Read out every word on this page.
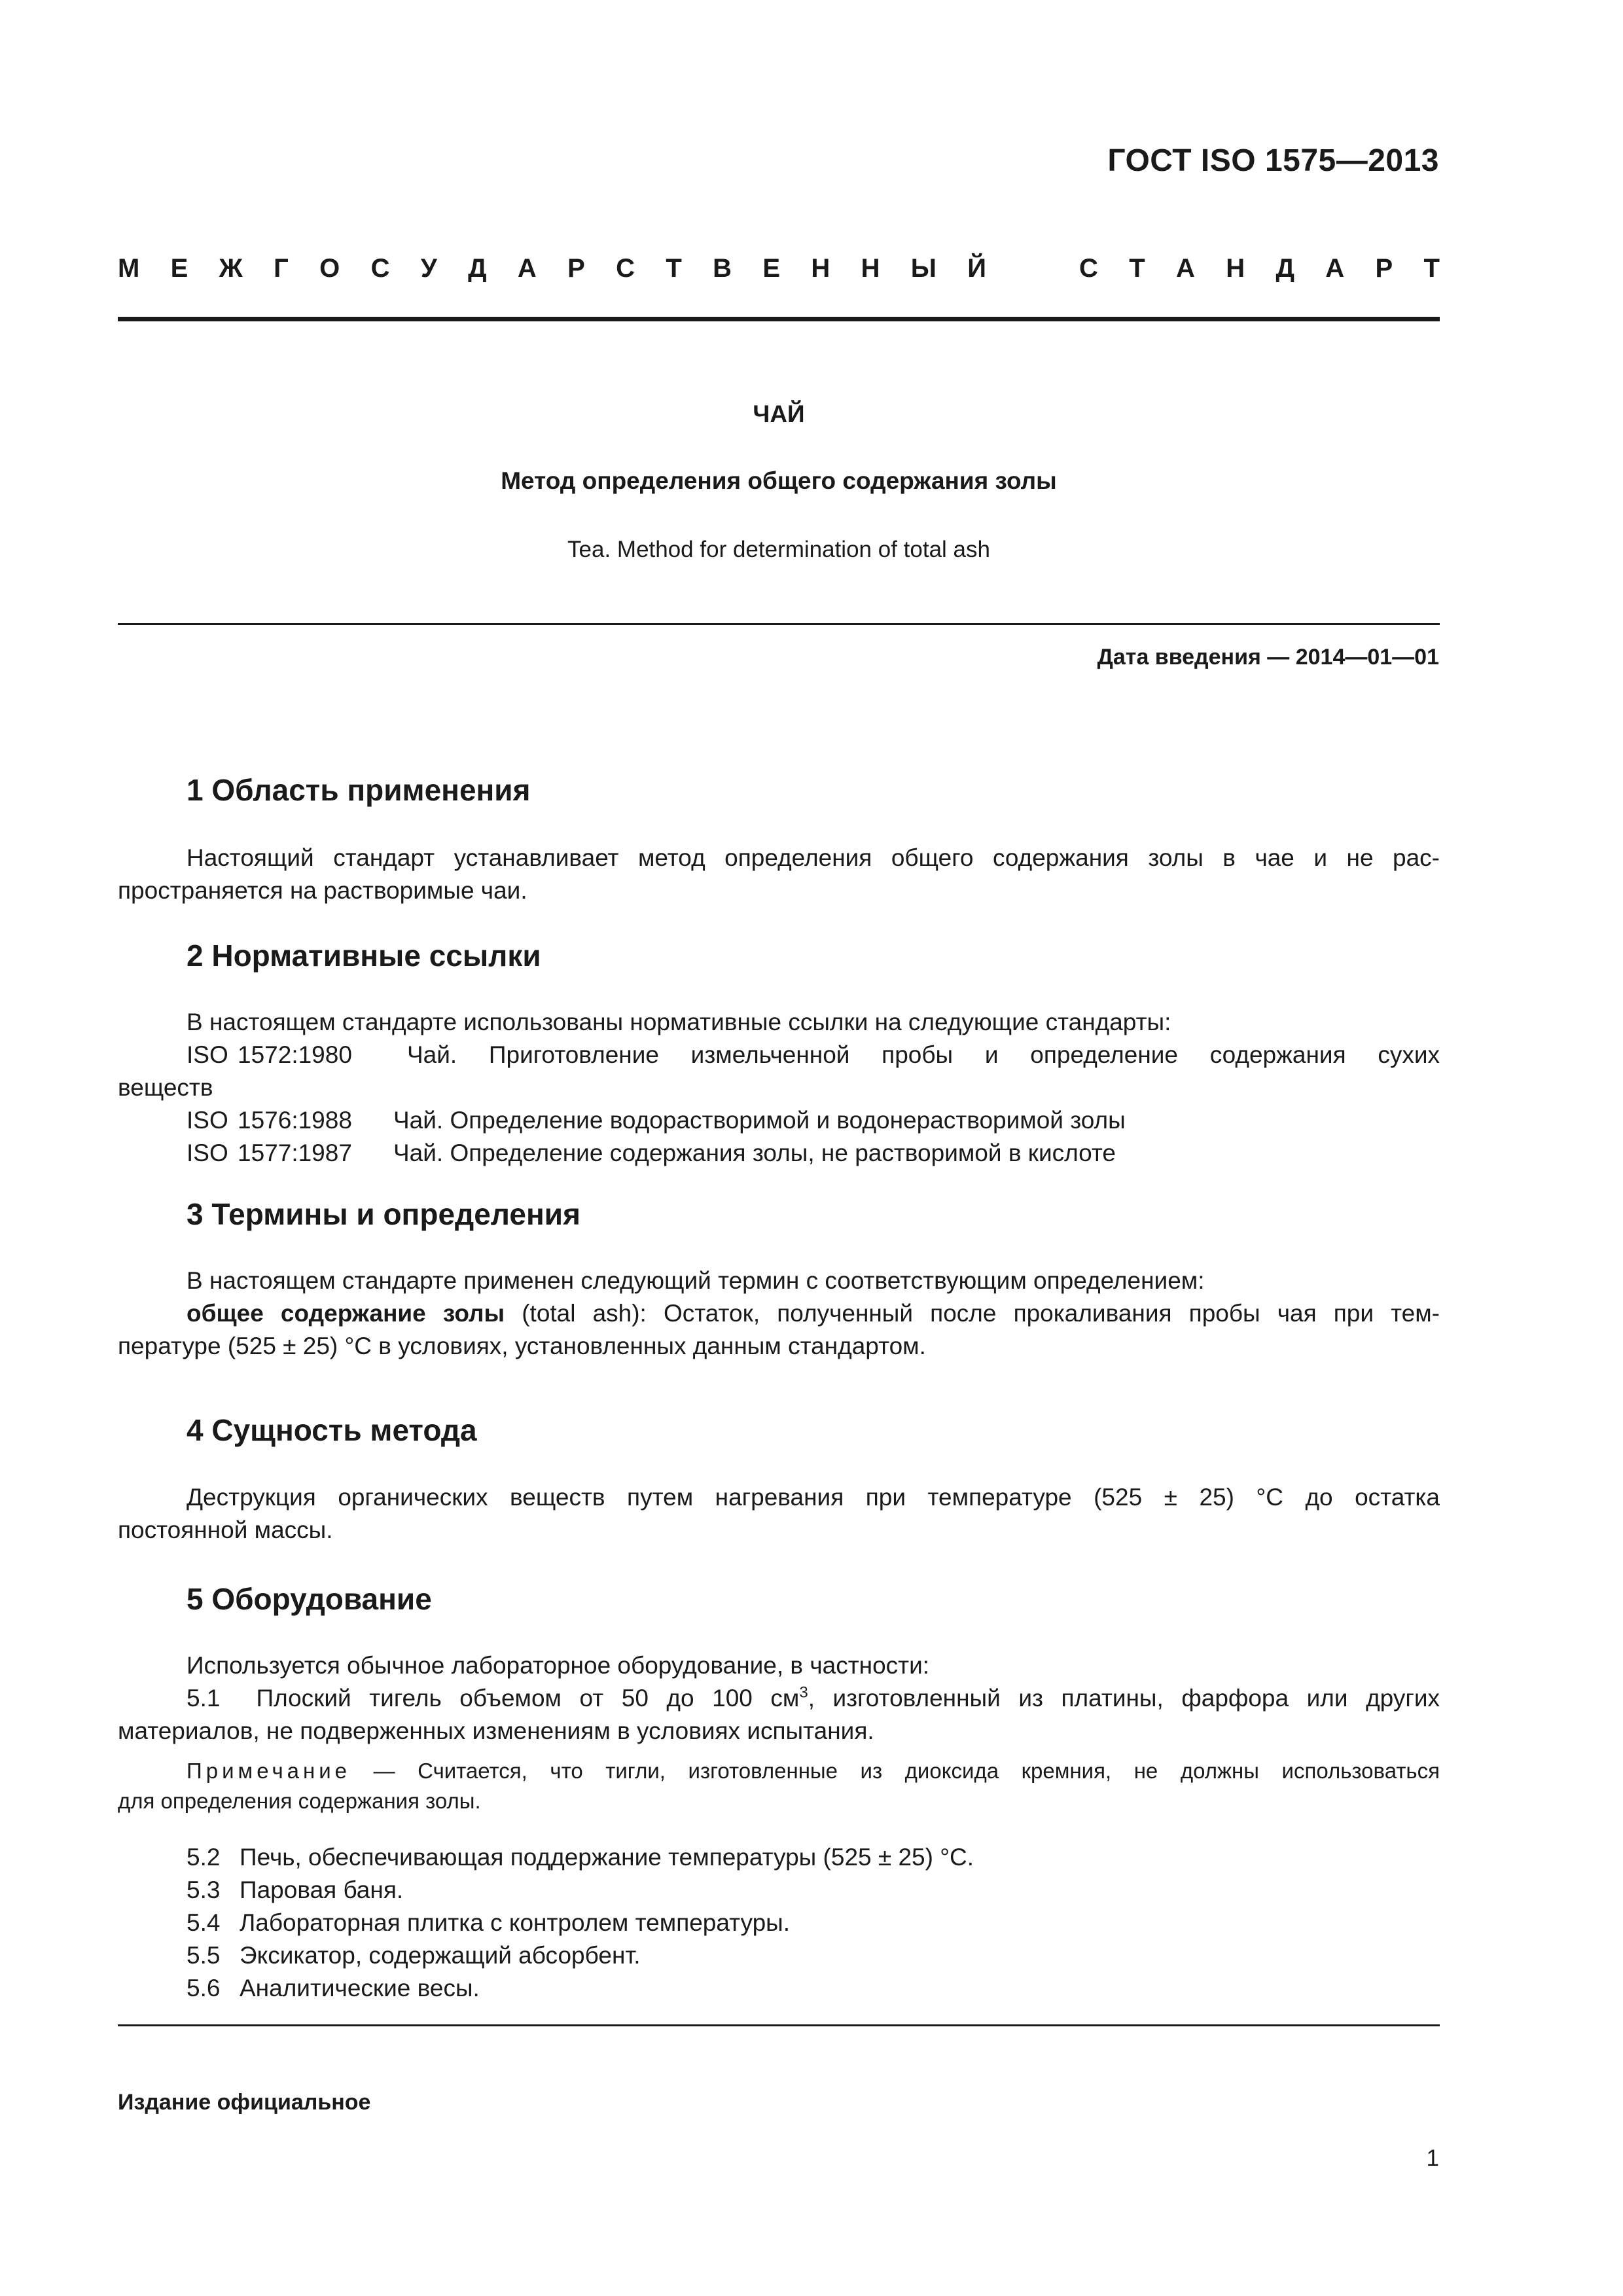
ГОСТ ISO 1575—2013
М Е Ж Г О С У Д А Р С Т В Е Н Н Ы Й	С Т А Н Д А Р Т
ЧАЙ
Метод определения общего содержания золы
Tea. Method for determination of total ash
Дата введения — 2014—01—01
1 Область применения
Настоящий стандарт устанавливает метод определения общего содержания золы в чае и не рас-
пространяется на растворимые чаи.
2 Нормативные ссылки
В настоящем стандарте использованы нормативные ссылки на следующие стандарты:
ISO 1572:1980	Чай. Приготовление измельченной пробы и определение содержания сухих
веществ
ISO 1576:1988 Чай. Определение водорастворимой и водонерастворимой золы
ISO 1577:1987 Чай. Определение содержания золы, не растворимой в кислоте
3 Термины и определения
В настоящем стандарте применен следующий термин с соответствующим определением:
общее содержание золы (total ash): Остаток, полученный после прокаливания пробы чая при тем-
пературе (525 ± 25) °С в условиях, установленных данным стандартом.
4 Сущность метода
Деструкция органических веществ путем нагревания при температуре (525 ± 25) °С до остатка
постоянной массы.
5 Оборудование
Используется обычное лабораторное оборудование, в частности:
5.1 Плоский тигель объемом от 50 до 100 $см^3$, изготовленный из платины, фарфора или других
материалов, не подверженных изменениям в условиях испытания.
Примечание — Считается, что тигли, изготовленные из диоксида кремния, не должны использоваться
для определения содержания золы.
5.2 Печь, обеспечивающая поддержание температуры (525 ± 25) °С.
5.3 Паровая баня.
5.4 Лабораторная плитка с контролем температуры.
5.5 Эксикатор, содержащий абсорбент.
5.6 Аналитические весы.
Издание официальное
1
